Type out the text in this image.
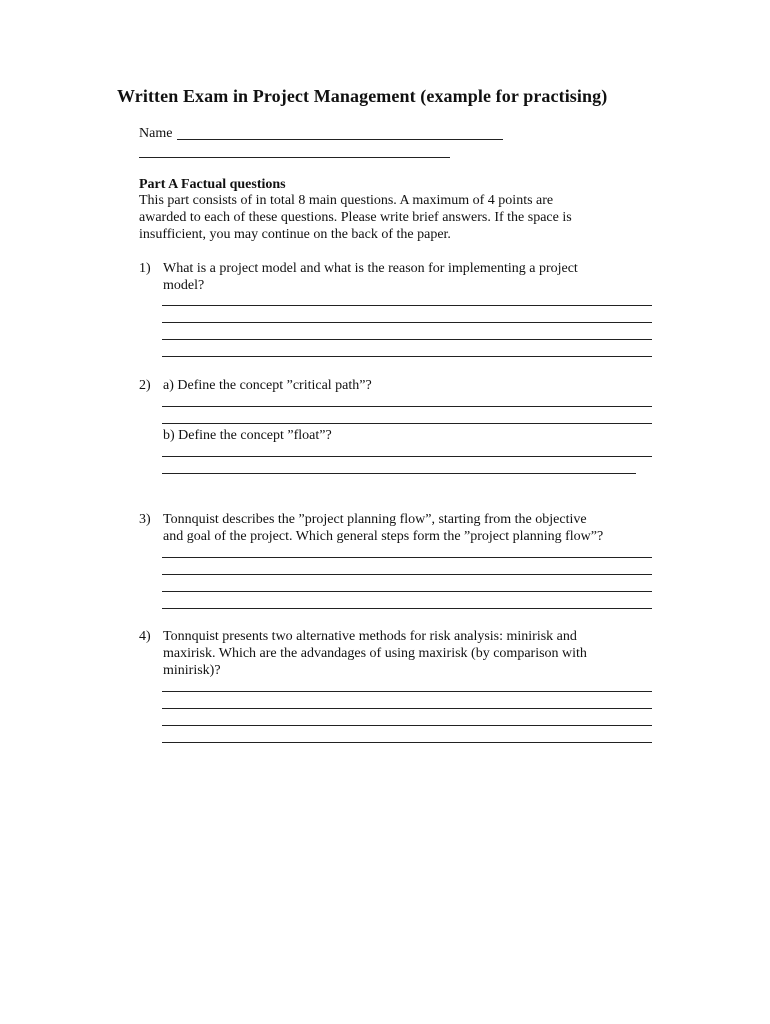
Written Exam in Project Management (example for practising)
Name
Part A Factual questions
This part consists of in total 8 main questions. A maximum of 4 points are
awarded to each of these questions. Please write brief answers. If the space is
insufficient, you may continue on the back of the paper.
1) What is a project model and what is the reason for implementing a project
model?
2) a) Define the concept ”critical path”?
b) Define the concept ”float”?
3) Tonnquist describes the ”project planning flow”, starting from the objective
and goal of the project. Which general steps form the ”project planning flow”?
4) Tonnquist presents two alternative methods for risk analysis: minirisk and
maxirisk. Which are the advandages of using maxirisk (by comparison with
minirisk)?
